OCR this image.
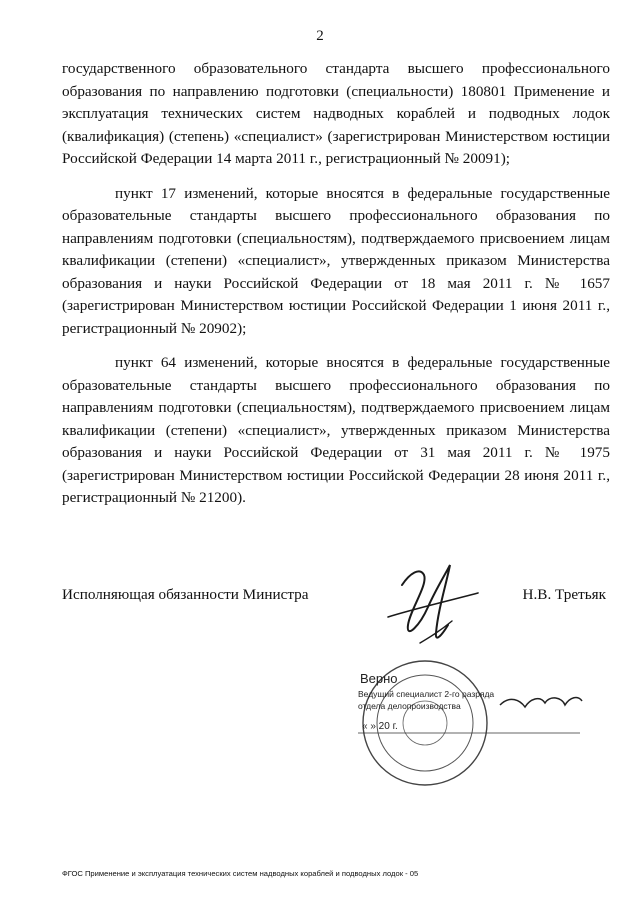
2

государственного образовательного стандарта высшего профессионального образования по направлению подготовки (специальности) 180801 Применение и эксплуатация технических систем надводных кораблей и подводных лодок (квалификация) (степень) «специалист» (зарегистрирован Министерством юстиции Российской Федерации 14 марта 2011 г., регистрационный № 20091);

пункт 17 изменений, которые вносятся в федеральные государственные образовательные стандарты высшего профессионального образования по направлениям подготовки (специальностям), подтверждаемого присвоением лицам квалификации (степени) «специалист», утвержденных приказом Министерства образования и науки Российской Федерации от 18 мая 2011 г. № 1657 (зарегистрирован Министерством юстиции Российской Федерации 1 июня 2011 г., регистрационный № 20902);

пункт 64 изменений, которые вносятся в федеральные государственные образовательные стандарты высшего профессионального образования по направлениям подготовки (специальностям), подтверждаемого присвоением лицам квалификации (степени) «специалист», утвержденных приказом Министерства образования и науки Российской Федерации от 31 мая 2011 г. № 1975 (зарегистрирован Министерством юстиции Российской Федерации 28 июня 2011 г., регистрационный № 21200).

Исполняющая обязанности Министра	Н.В. Третьяк
Верно
Ведущий специалист 2-го разряда
отдела делопроизводства
« » 20 г.
ФГОС Применение и эксплуатация технических систем надводных кораблей и подводных лодок - 05
